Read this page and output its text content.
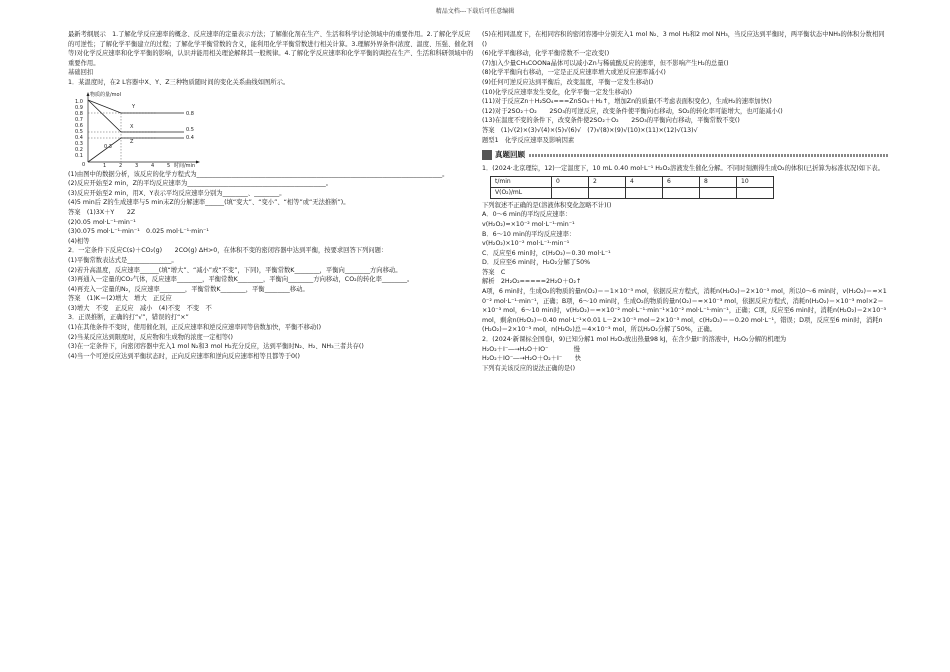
精品文档---下载后可任意编辑

最新考纲展示　1.了解化学反应速率的概念、反应速率的定量表示方法；了解催化剂在生产、生活和科学讨论领域中的重要作用。2.了解化学反应的可逆性；了解化学平衡建立的过程；了解化学平衡常数的含义，能利用化学平衡常数进行相关计算。3.理解外界条件(浓度、温度、压强、催化剂等)对化学反应速率和化学平衡的影响，认识并能用相关理论解释其一般规律。4.了解化学反应速率和化学平衡的调控在生产、生活和科研领域中的重要作用。

基础回扣

1．某温度时，在2 L容器中X、Y、Z三种物质随时间的变化关系曲线如图所示。

物质的量/mol
时间/min
1.0
0.9
0.8
0.7
0.6
0.5
0.4
0.3
0.2
0.1
0	1	2	3	4	5
Y
X
Z
0.8
0.5
0.4
0.3

(1)由图中的数据分析，该反应的化学方程式为______________________________________________________________________________。

(2)反应开始至2 min，Z的平均反应速率为____________________________________________。

(3)反应开始至2 min，用X、Y表示平均反应速率分别为________、________。

(4)5 min后 Z的生成速率与5 min末Z的分解速率______(填“变大”、“变小”、“相等”或“无法推断”)。

答案　(1)3X＋Y　　2Z

(2)0.05 mol·L⁻¹·min⁻¹

(3)0.075 mol·L⁻¹·min⁻¹　0.025 mol·L⁻¹·min⁻¹

(4)相等

2．一定条件下反应C(s)＋CO₂(g)　　2CO(g) ΔH>0，在体积不变的密闭容器中达到平衡，按要求回答下列问题：

(1)平衡常数表达式是______________。

(2)若升高温度，反应速率______(填“增大”、“减小”或“不变”，下同)，平衡常数K________，平衡向________方向移动。

(3)再通入一定量的CO₂气体，反应速率________，平衡常数K________，平衡向________方向移动，CO₂的转化率________。

(4)再充入一定量的N₂，反应速率________，平衡常数K________，平衡________移动。

答案　(1)K＝(2)增大　增大　正反应

(3)增大　不变　正反应　减小　(4)不变　不变　不

3．正误推断，正确的打“√”，错误的打“×”

(1)在其他条件不变时，使用催化剂，正反应速率和逆反应速率同等倍数加快，平衡不移动()

(2)当某反应达到限度时，反应物和生成物的浓度一定相等()

(3)在一定条件下，向密闭容器中充入1 mol N₂和3 mol H₂充分反应，达到平衡时N₂、H₂、NH₃三者共存()

(4)当一个可逆反应达到平衡状态时，正向反应速率和逆向反应速率相等且都等于0()

(5)在相同温度下，在相同容积的密闭容器中分别充入1 mol N₂、3 mol H₂和2 mol NH₃，当反应达到平衡时，两平衡状态中NH₃的体积分数相同()

(6)化学平衡移动，化学平衡常数不一定改变()

(7)加入少量CH₃COONa晶体可以减小Zn与稀硫酸反应的速率，但不影响产生H₂的总量()

(8)化学平衡向右移动，一定是正反应速率增大或逆反应速率减小()

(9)任何可逆反应达到平衡后，改变温度，平衡一定发生移动()

(10)化学反应速率发生变化，化学平衡一定发生移动()

(11)对于反应Zn＋H₂SO₄===ZnSO₄＋H₂↑，增加Zn的质量(不考虑表面积变化)，生成H₂的速率加快()

(12)对于2SO₂＋O₂　　2SO₃的可逆反应，改变条件使平衡向右移动，SO₂的转化率可能增大，也可能减小()

(13)在温度不变的条件下，改变条件使2SO₂＋O₂　　2SO₃的平衡向右移动，平衡常数不变()

答案　(1)√(2)×(3)√(4)×(5)√(6)√　(7)√(8)×(9)√(10)×(11)×(12)√(13)√

题型1　化学反应速率及影响因素

真题回顾

1．(2024·北京理综，12)一定温度下，10 mL 0.40 mol·L⁻¹ H₂O₂溶液发生催化分解。不同时刻测得生成O₂的体积(已折算为标准状况)如下表。

t/min	0	2	4	6	8	10
V(O₂)/mL						

下列叙述不正确的是(溶液体积变化忽略不计)()

A．0～6 min的平均反应速率：

v(H₂O₂)≈×10⁻² mol·L⁻¹·min⁻¹

B．6～10 min的平均反应速率：

v(H₂O₂)×10⁻² mol·L⁻¹·min⁻¹

C．反应至6 min时，c(H₂O₂)＝0.30 mol·L⁻¹

D．反应至6 min时，H₂O₂分解了50%

答案　C

解析　2H₂O₂=====2H₂O＋O₂↑

A项，6 min时，生成O₂的物质的量n(O₂)＝＝1×10⁻³ mol，依据反应方程式，消耗n(H₂O₂)＝2×10⁻³ mol，所以0～6 min时，v(H₂O₂)＝≈×10⁻² mol·L⁻¹·min⁻¹，正确；B项，6～10 min时，生成O₂的物质的量n(O₂)＝≈×10⁻³ mol，依据反应方程式，消耗n(H₂O₂)＝×10⁻³ mol×2＝×10⁻³ mol，6～10 min时，v(H₂O₂)＝≈×10⁻² mol·L⁻¹·min⁻¹×10⁻² mol·L⁻¹·min⁻¹，正确；C项，反应至6 min时，消耗n(H₂O₂)＝2×10⁻³ mol，剩余n(H₂O₂)＝0.40 mol·L⁻¹×0.01 L－2×10⁻³ mol＝2×10⁻³ mol，c(H₂O₂)＝＝0.20 mol·L⁻¹，错误；D项，反应至6 min时，消耗n(H₂O₂)＝2×10⁻³ mol，n(H₂O₂)总＝4×10⁻³ mol，所以H₂O₂分解了50%，正确。

2．(2024·新课标全国卷Ⅰ，9)已知分解1 mol H₂O₂放出热量98 kJ，在含少量I⁻的溶液中，H₂O₂分解的机理为

H₂O₂＋I⁻―→H₂O＋IO⁻　　　　慢

H₂O₂＋IO⁻―→H₂O＋O₂＋I⁻　　快

下列有关该反应的说法正确的是()
